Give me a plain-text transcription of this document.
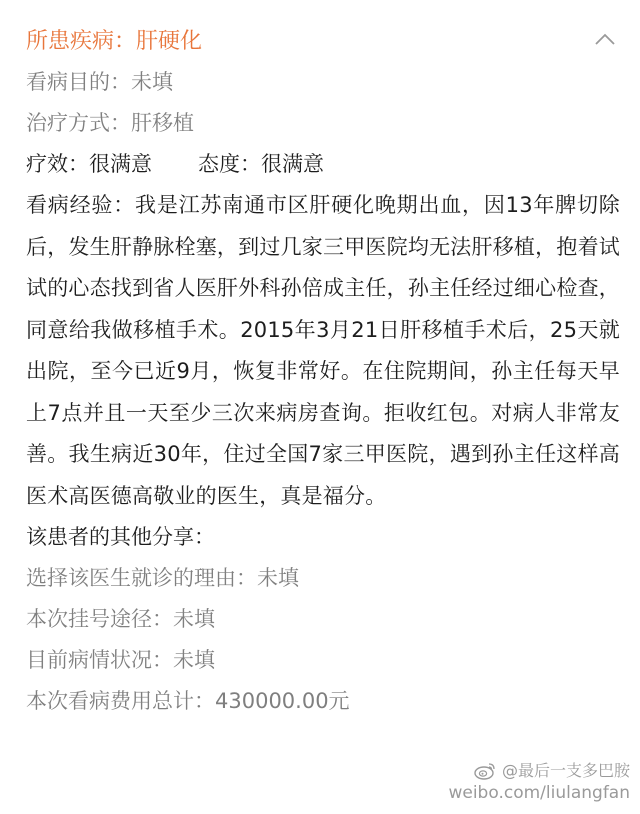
所患疾病：肝硬化
看病目的：未填
治疗方式：肝移植
疗效：很满意 态度：很满意
看病经验：我是江苏南通市区肝硬化晚期出血，因13年脾切除后，发生肝静脉栓塞，到过几家三甲医院均无法肝移植，抱着试试的心态找到省人医肝外科孙倍成主任，孙主任经过细心检查，同意给我做移植手术。2015年3月21日肝移植手术后，25天就出院，至今已近9月，恢复非常好。在住院期间，孙主任每天早上7点并且一天至少三次来病房查询。拒收红包。对病人非常友善。我生病近30年，住过全国7家三甲医院，遇到孙主任这样高医术高医德高敬业的医生，真是福分。
该患者的其他分享：
选择该医生就诊的理由：未填
本次挂号途径：未填
目前病情状况：未填
本次看病费用总计：430000.00元
@最后一支多巴胺
weibo.com/liulangfan
